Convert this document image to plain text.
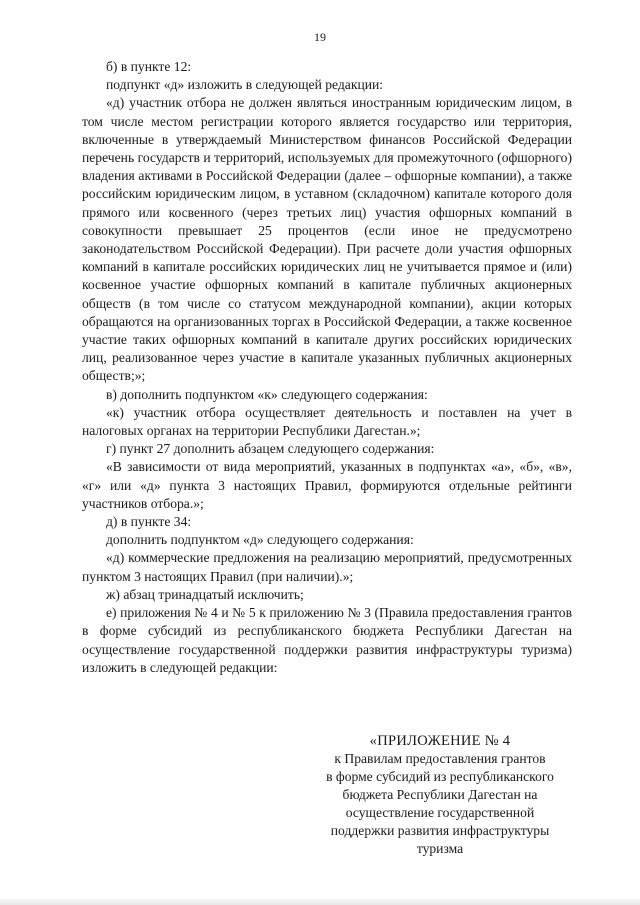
19

б) в пункте 12:

подпункт «д» изложить в следующей редакции:

«д) участник отбора не должен являться иностранным юридическим лицом, в том числе местом регистрации которого является государство или территория, включенные в утверждаемый Министерством финансов Российской Федерации перечень государств и территорий, используемых для промежуточного (офшорного) владения активами в Российской Федерации (далее – офшорные компании), а также российским юридическим лицом, в уставном (складочном) капитале которого доля прямого или косвенного (через третьих лиц) участия офшорных компаний в совокупности превышает 25 процентов (если иное не предусмотрено законодательством Российской Федерации). При расчете доли участия офшорных компаний в капитале российских юридических лиц не учитывается прямое и (или) косвенное участие офшорных компаний в капитале публичных акционерных обществ (в том числе со статусом международной компании), акции которых обращаются на организованных торгах в Российской Федерации, а также косвенное участие таких офшорных компаний в капитале других российских юридических лиц, реализованное через участие в капитале указанных публичных акционерных обществ;»;

в) дополнить подпунктом «к» следующего содержания:

«к) участник отбора осуществляет деятельность и поставлен на учет в налоговых органах на территории Республики Дагестан.»;

г) пункт 27 дополнить абзацем следующего содержания:

«В зависимости от вида мероприятий, указанных в подпунктах «а», «б», «в», «г» или «д» пункта 3 настоящих Правил, формируются отдельные рейтинги участников отбора.»;

д) в пункте 34:

дополнить подпунктом «д» следующего содержания:

«д) коммерческие предложения на реализацию мероприятий, предусмотренных пунктом 3 настоящих Правил (при наличии).»;

ж) абзац тринадцатый исключить;

е) приложения № 4 и № 5 к приложению № 3 (Правила предоставления грантов в форме субсидий из республиканского бюджета Республики Дагестан на осуществление государственной поддержки развития инфраструктуры туризма) изложить в следующей редакции:

«ПРИЛОЖЕНИЕ № 4
к Правилам предоставления грантов
в форме субсидий из республиканского
бюджета Республики Дагестан на
осуществление государственной
поддержки развития инфраструктуры
туризма
